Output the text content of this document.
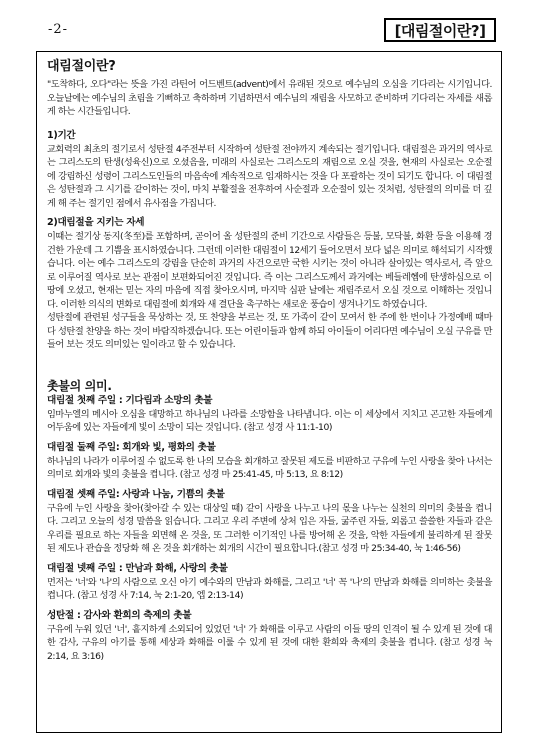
-2-	[대림절이란?]
대림절이란?

"도착하다, 오다"라는 뜻을 가진 라틴어 어드벤트(advent)에서 유래된 것으로 예수님의 오심을 기다리는 시기입니다. 오늘날에는 예수님의 초림을 기뻐하고 축하하며 기념하면서 예수님의 재림을 사모하고 준비하며 기다리는 자세를 새롭게 하는 시간들입니다.

1)기간

교회력의 최초의 절기로서 성탄절 4주전부터 시작하여 성탄절 전야까지 계속되는 절기입니다. 대림절은 과거의 역사로는 그리스도의 탄생(성육신)으로 오셨음을, 미래의 사실로는 그리스도의 재림으로 오실 것을, 현재의 사실로는 오순절에 강림하신 성령이 그리스도인들의 마음속에 계속적으로 임재하시는 것을 다 포괄하는 것이 되기도 합니다. 이 대림절은 성탄절과 그 시기를 같이하는 것이, 마치 부활절을 전후하여 사순절과 오순절이 있는 것처럼, 성탄절의 의미를 더 깊게 해 주는 절기인 점에서 유사점을 가집니다.

2)대림절을 지키는 자세

이때는 절기상 동지(冬至)를 포함하며, 곧이어 올 성탄절의 준비 기간으로 사람들은 등불, 모닥불, 화환 등을 이용해 경건한 가운데 그 기쁨을 표시하였습니다. 그런데 이러한 대림절이 12세기 들어오면서 보다 넓은 의미로 해석되기 시작했습니다. 이는 예수 그리스도의 강림을 단순히 과거의 사건으로만 국한 시키는 것이 아니라 살아있는 역사로서, 즉 앞으로 이루어질 역사로 보는 관점이 보편화되어진 것입니다. 즉 이는 그리스도께서 과거에는 베들레헴에 탄생하심으로 이 땅에 오셨고, 현재는 믿는 자의 마음에 직접 찾아오시며, 마지막 심판 날에는 재림주로서 오실 것으로 이해하는 것입니다. 이러한 의식의 변화로 대림절에 회개와 새 결단을 촉구하는 새로운 풍습이 생겨나기도 하였습니다.

성탄절에 관련된 성구들을 묵상하는 것, 또 찬양을 부르는 것, 또 가족이 같이 모여서 한 주에 한 번이나 가정예배 때마다 성탄절 찬양을 하는 것이 바람직하겠습니다. 또는 어린이들과 함께 하되 아이들이 어리다면 예수님이 오실 구유를 만들어 보는 것도 의미있는 일이라고 할 수 있습니다.

촛불의 의미.
대림절 첫째 주일 : 기다림과 소망의 촛불

임마누엘의 메시아 오심을 대망하고 하나님의 나라를 소망함을 나타냅니다. 이는 이 세상에서 지치고 곤고한 자들에게 어두움에 있는 자들에게 빛이 소망이 되는 것입니다. (참고 성경 사 11:1-10)

대림절 둘째 주일: 회개와 빛, 평화의 촛불

하나님의 나라가 이루어질 수 없도록 한 나의 모습을 회개하고 잘못된 제도를 비판하고 구유에 누인 사랑을 찾아 나서는 의미로 회개와 빛의 촛불을 켭니다. (참고 성경 마 25:41-45, 마 5:13, 요 8:12)

대림절 셋째 주일: 사랑과 나눔, 기쁨의 촛불

구유에 누인 사랑을 찾아(찾아갈 수 있는 대상일 때) 같이 사랑을 나누고 나의 몫을 나누는 실천의 의미의 촛불을 켭니다. 그리고 오늘의 성경 말씀을 읽습니다. 그리고 우리 주변에 상처 입은 자들, 굶주린 자들, 외롭고 쓸쓸한 자들과 같은 우리를 필요로 하는 자들을 외면해 온 것을, 또 그러한 이기적인 나를 방어해 온 것을, 악한 자들에게 불리하게 된 잘못된 제도나 관습을 정당화 해 온 것을 회개하는 회개의 시간이 필요합니다.(참고 성경 마 25:34-40, 눅 1:46-56)

대림절 넷째 주일 : 만남과 화해, 사랑의 촛불

먼저는 '너'와 '나'의 사람으로 오신 아기 예수와의 만남과 화해를, 그리고 '너' 꼭 '나'의 만남과 화해를 의미하는 촛불을 켭니다. (참고 성경 사 7:14, 눅 2:1-20, 엡 2:13-14)

성탄절 : 감사와 환희의 축제의 촛불

구유에 누워 있던 '너', 흩지하게 소외되어 있었던 '너' 가 화해를 이루고 사람의 이들 땅의 인격이 될 수 있게 된 것에 대한 감사, 구유의 아기를 통해 세상과 화해를 이룰 수 있게 된 것에 대한 환희와 축제의 촛불을 켭니다. (참고 성경 눅 2:14, 요 3:16)
